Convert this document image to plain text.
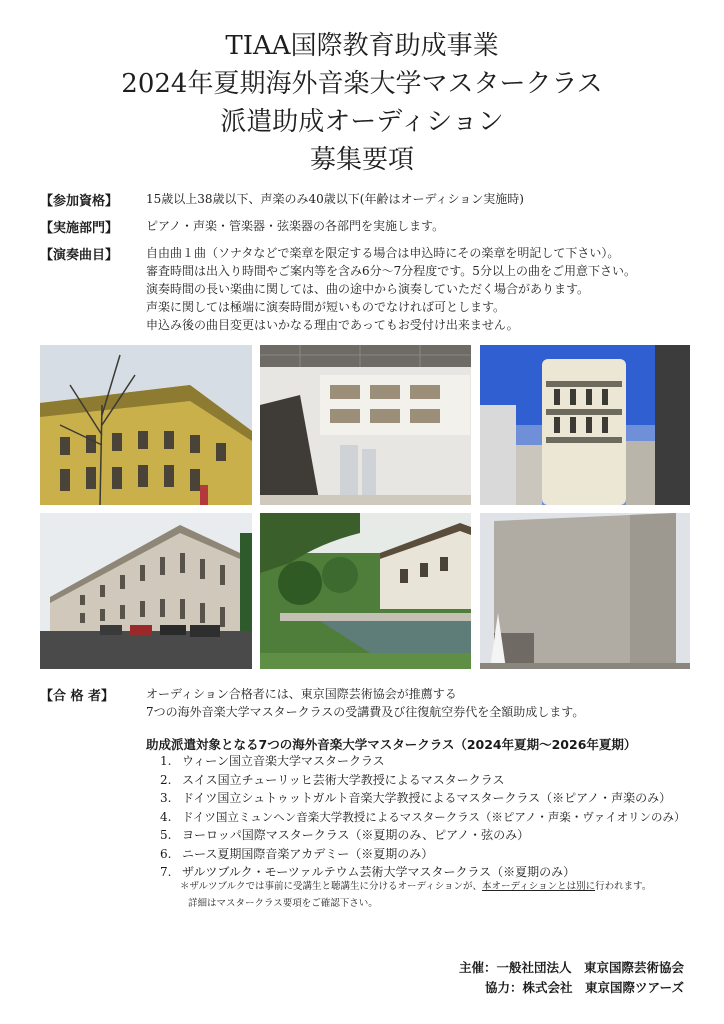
TIAA国際教育助成事業
2024年夏期海外音楽大学マスタークラス
派遣助成オーディション
募集要項
【参加資格】 15歳以上38歳以下、声楽のみ40歳以下(年齢はオーディション実施時)
【実施部門】 ピアノ・声楽・管楽器・弦楽器の各部門を実施します。
【演奏曲目】 自由曲１曲（ソナタなどで楽章を限定する場合は申込時にその楽章を明記して下さい）。
審査時間は出入り時間やご案内等を含み6分～7分程度です。5分以上の曲をご用意下さい。
演奏時間の長い楽曲に関しては、曲の途中から演奏していただく場合があります。
声楽に関しては極端に演奏時間が短いものでなければ可とします。
申込み後の曲目変更はいかなる理由であってもお受付け出来ません。
【合 格 者】	オーディション合格者には、東京国際芸術協会が推薦する
7つの海外音楽大学マスタークラスの受講費及び往復航空券代を全額助成します。
助成派遣対象となる7つの海外音楽大学マスタークラス（2024年夏期～2026年夏期）
1. ウィーン国立音楽大学マスタークラス
2. スイス国立チューリッヒ芸術大学教授によるマスタークラス
3. ドイツ国立シュトゥットガルト音楽大学教授によるマスタークラス（※ピアノ・声楽のみ）
4. ドイツ国立ミュンヘン音楽大学教授によるマスタークラス（※ピアノ・声楽・ヴァイオリンのみ）
5. ヨーロッパ国際マスタークラス（※夏期のみ、ピアノ・弦のみ）
6. ニース夏期国際音楽アカデミー（※夏期のみ）
7. ザルツブルク・モーツァルテウム芸術大学マスタークラス（※夏期のみ）
＊ザルツブルクでは事前に受講生と聴講生に分けるオーディションが、本オーディションとは別に行われます。
詳細はマスタークラス要項をご確認下さい。
主催：一般社団法人　東京国際芸術協会
協力：株式会社　東京国際ツアーズ
